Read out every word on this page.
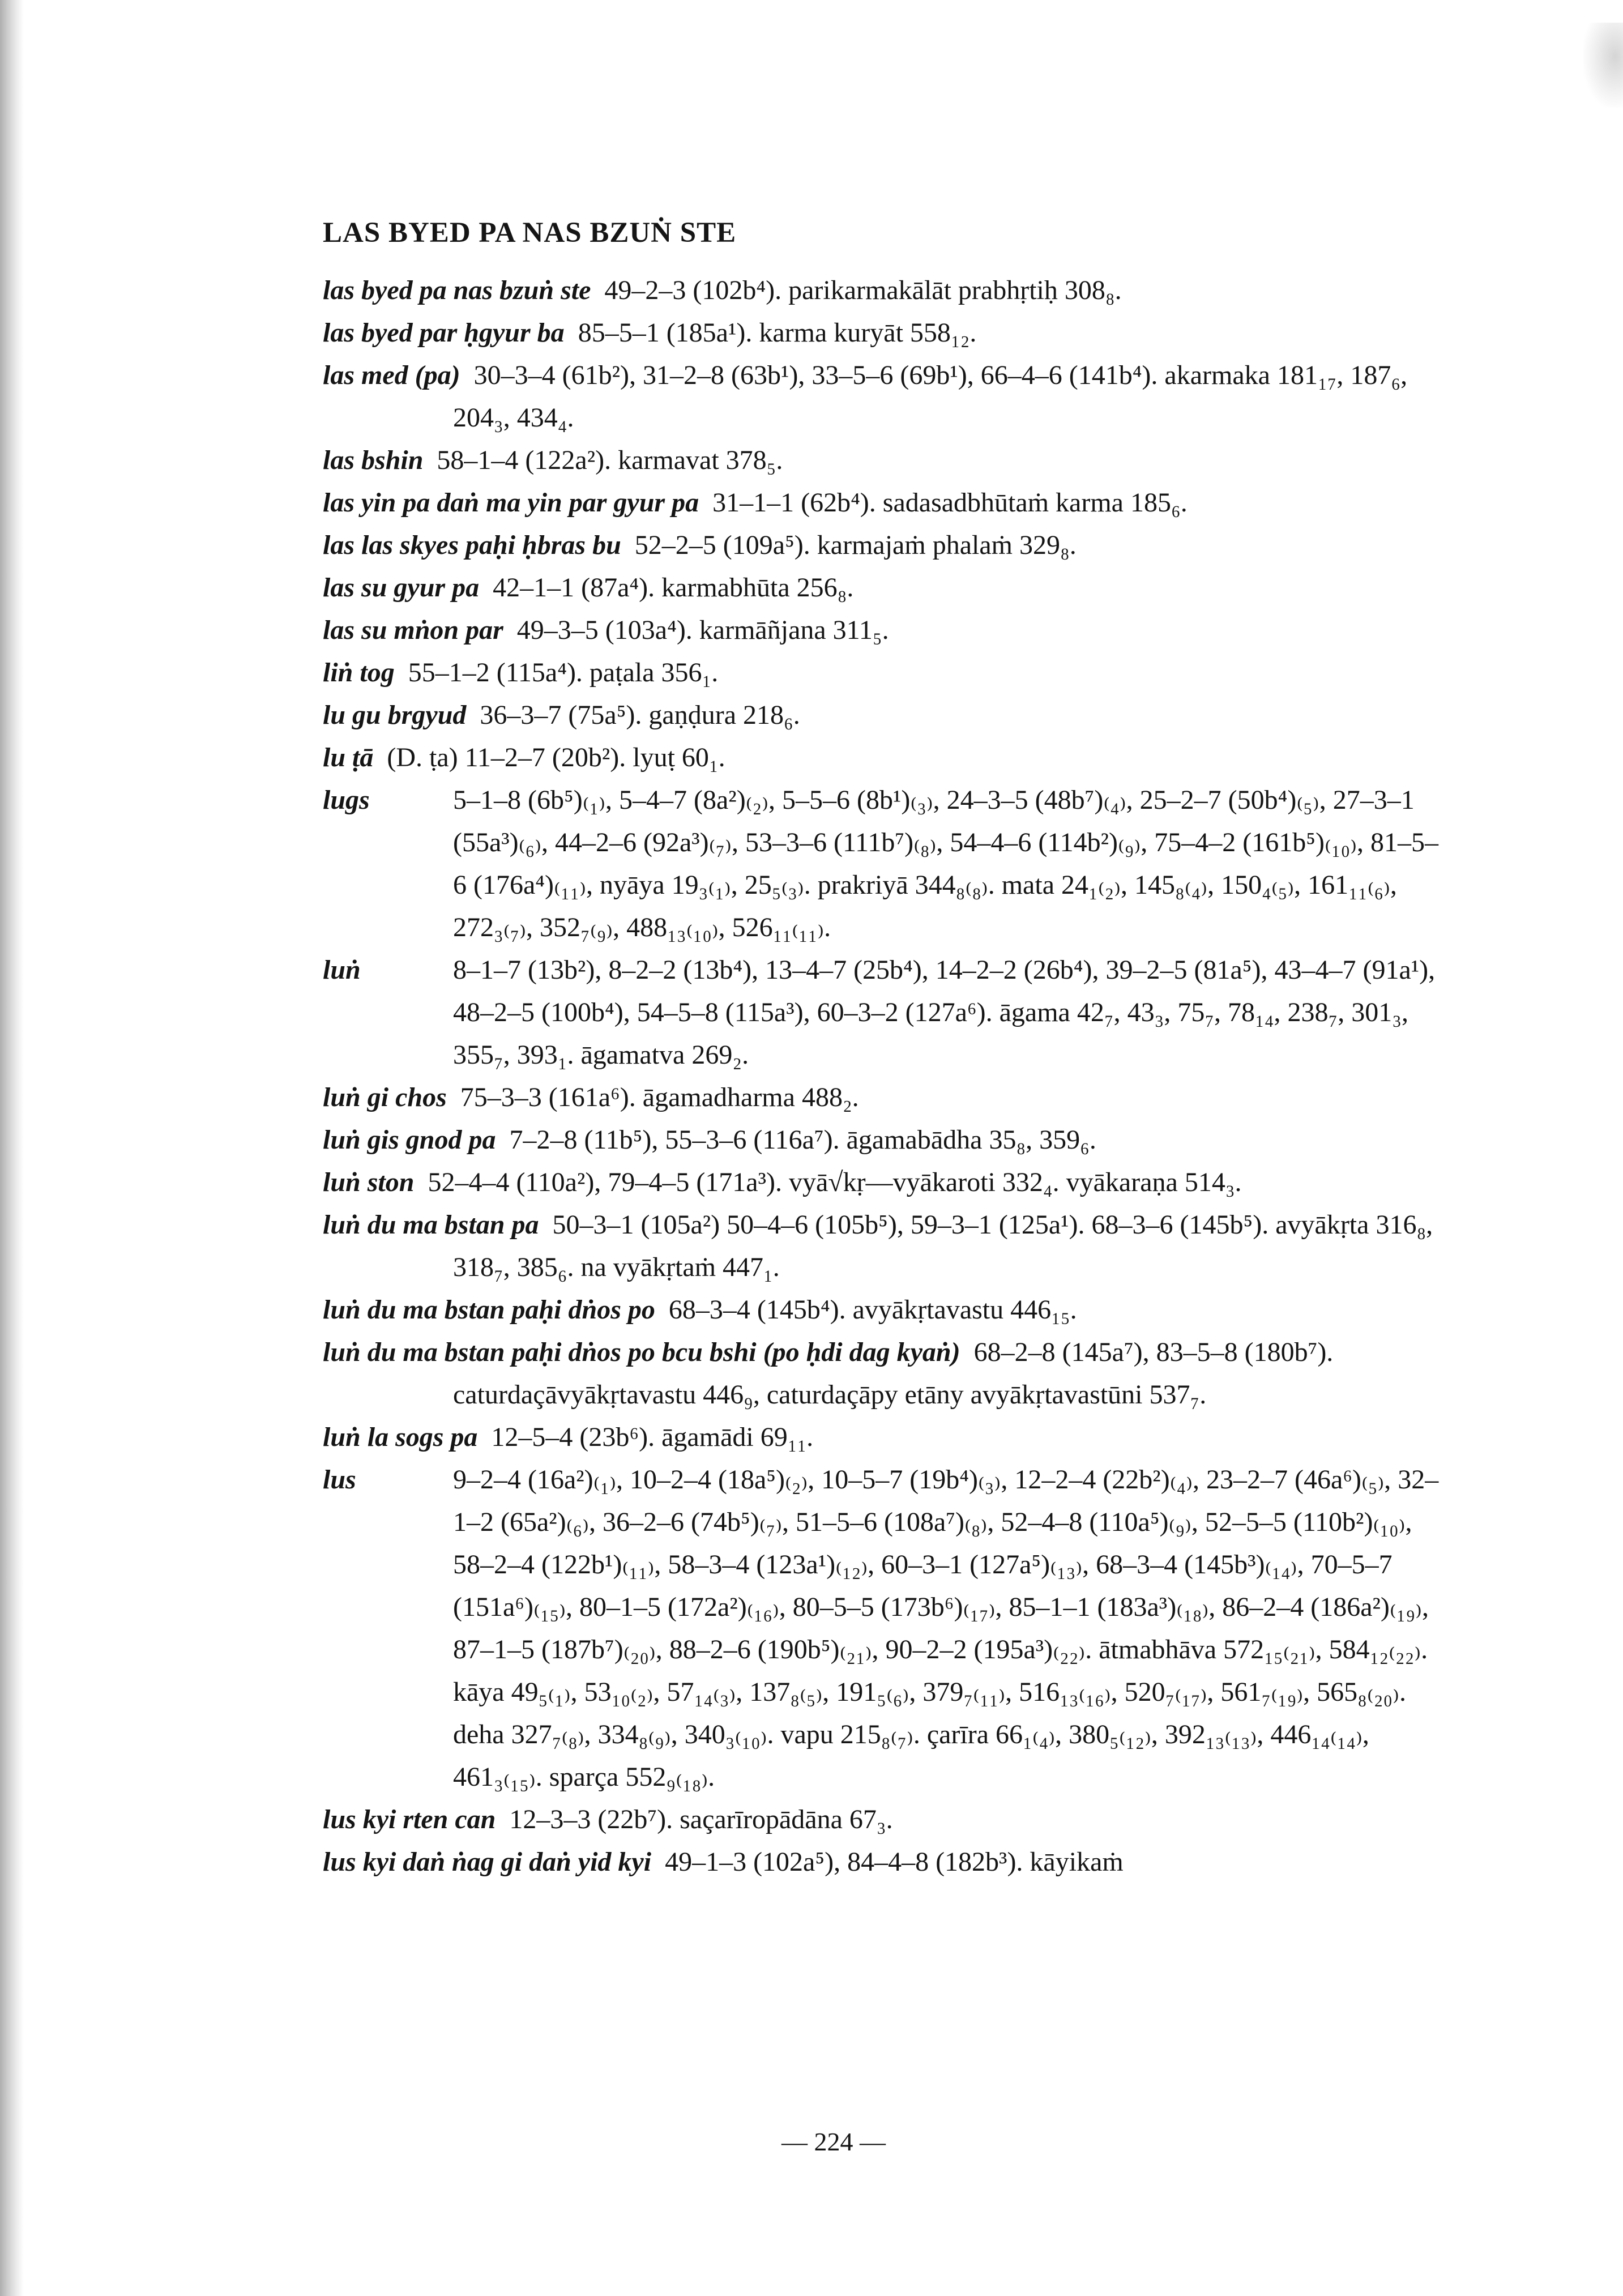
LAS BYED PA NAS BZUṄ STE
las byed pa nas bzuṅ ste 49–2–3 (102b⁴). parikarmakālāt prabhṛtiḥ 308₈.
las byed par ḥgyur ba 85–5–1 (185a¹). karma kuryāt 558₁₂.
las med (pa) 30–3–4 (61b²), 31–2–8 (63b¹), 33–5–6 (69b¹), 66–4–6 (141b⁴). akarmaka 181₁₇, 187₆, 204₃, 434₄.
las bshin 58–1–4 (122a²). karmavat 378₅.
las yin pa daṅ ma yin par gyur pa 31–1–1 (62b⁴). sadasadbhūtaṁ karma 185₆.
las las skyes paḥi ḥbras bu 52–2–5 (109a⁵). karmajaṁ phalaṁ 329₈.
las su gyur pa 42–1–1 (87a⁴). karmabhūta 256₈.
las su mṅon par 49–3–5 (103a⁴). karmāñjana 311₅.
liṅ tog 55–1–2 (115a⁴). paṭala 356₁.
lu gu brgyud 36–3–7 (75a⁵). gaṇḍura 218₆.
lu ṭā (D. ṭa) 11–2–7 (20b²). lyuṭ 60₁.
lugs	5–1–8 (6b⁵)₍₁₎, 5–4–7 (8a²)₍₂₎, 5–5–6 (8b¹)₍₃₎, 24–3–5 (48b⁷)₍₄₎, 25–2–7 (50b⁴)₍₅₎, 27–3–1 (55a³)₍₆₎, 44–2–6 (92a³)₍₇₎, 53–3–6 (111b⁷)₍₈₎, 54–4–6 (114b²)₍₉₎, 75–4–2 (161b⁵)₍₁₀₎, 81–5–6 (176a⁴)₍₁₁₎, nyāya 19₃₍₁₎, 25₅₍₃₎. prakriyā 344₈₍₈₎. mata 24₁₍₂₎, 145₈₍₄₎, 150₄₍₅₎, 161₁₁₍₆₎, 272₃₍₇₎, 352₇₍₉₎, 488₁₃₍₁₀₎, 526₁₁₍₁₁₎.
luṅ	8–1–7 (13b²), 8–2–2 (13b⁴), 13–4–7 (25b⁴), 14–2–2 (26b⁴), 39–2–5 (81a⁵), 43–4–7 (91a¹), 48–2–5 (100b⁴), 54–5–8 (115a³), 60–3–2 (127a⁶). āgama 42₇, 43₃, 75₇, 78₁₄, 238₇, 301₃, 355₇, 393₁. āgamatva 269₂.
luṅ gi chos 75–3–3 (161a⁶). āgamadharma 488₂.
luṅ gis gnod pa 7–2–8 (11b⁵), 55–3–6 (116a⁷). āgamabādha 35₈, 359₆.
luṅ ston 52–4–4 (110a²), 79–4–5 (171a³). vyā√kṛ—vyākaroti 332₄. vyākaraṇa 514₃.
luṅ du ma bstan pa 50–3–1 (105a²) 50–4–6 (105b⁵), 59–3–1 (125a¹). 68–3–6 (145b⁵). avyākṛta 316₈, 318₇, 385₆. na vyākṛtaṁ 447₁.
luṅ du ma bstan paḥi dṅos po 68–3–4 (145b⁴). avyākṛtavastu 446₁₅.
luṅ du ma bstan paḥi dṅos po bcu bshi (po ḥdi dag kyaṅ) 68–2–8 (145a⁷), 83–5–8 (180b⁷). caturdaçāvyākṛtavastu 446₉, caturdaçāpy etāny avyākṛtavastūni 537₇.
luṅ la sogs pa 12–5–4 (23b⁶). āgamādi 69₁₁.
lus	9–2–4 (16a²)₍₁₎, 10–2–4 (18a⁵)₍₂₎, 10–5–7 (19b⁴)₍₃₎, 12–2–4 (22b²)₍₄₎, 23–2–7 (46a⁶)₍₅₎, 32–1–2 (65a²)₍₆₎, 36–2–6 (74b⁵)₍₇₎, 51–5–6 (108a⁷)₍₈₎, 52–4–8 (110a⁵)₍₉₎, 52–5–5 (110b²)₍₁₀₎, 58–2–4 (122b¹)₍₁₁₎, 58–3–4 (123a¹)₍₁₂₎, 60–3–1 (127a⁵)₍₁₃₎, 68–3–4 (145b³)₍₁₄₎, 70–5–7 (151a⁶)₍₁₅₎, 80–1–5 (172a²)₍₁₆₎, 80–5–5 (173b⁶)₍₁₇₎, 85–1–1 (183a³)₍₁₈₎, 86–2–4 (186a²)₍₁₉₎, 87–1–5 (187b⁷)₍₂₀₎, 88–2–6 (190b⁵)₍₂₁₎, 90–2–2 (195a³)₍₂₂₎. ātmabhāva 572₁₅₍₂₁₎, 584₁₂₍₂₂₎. kāya 49₅₍₁₎, 53₁₀₍₂₎, 57₁₄₍₃₎, 137₈₍₅₎, 191₅₍₆₎, 379₇₍₁₁₎, 516₁₃₍₁₆₎, 520₇₍₁₇₎, 561₇₍₁₉₎, 565₈₍₂₀₎. deha 327₇₍₈₎, 334₈₍₉₎, 340₃₍₁₀₎. vapu 215₈₍₇₎. çarīra 66₁₍₄₎, 380₅₍₁₂₎, 392₁₃₍₁₃₎, 446₁₄₍₁₄₎, 461₃₍₁₅₎. sparça 552₉₍₁₈₎.
lus kyi rten can 12–3–3 (22b⁷). saçarīropādāna 67₃.
lus kyi daṅ ṅag gi daṅ yid kyi 49–1–3 (102a⁵), 84–4–8 (182b³). kāyikaṁ
— 224 —
